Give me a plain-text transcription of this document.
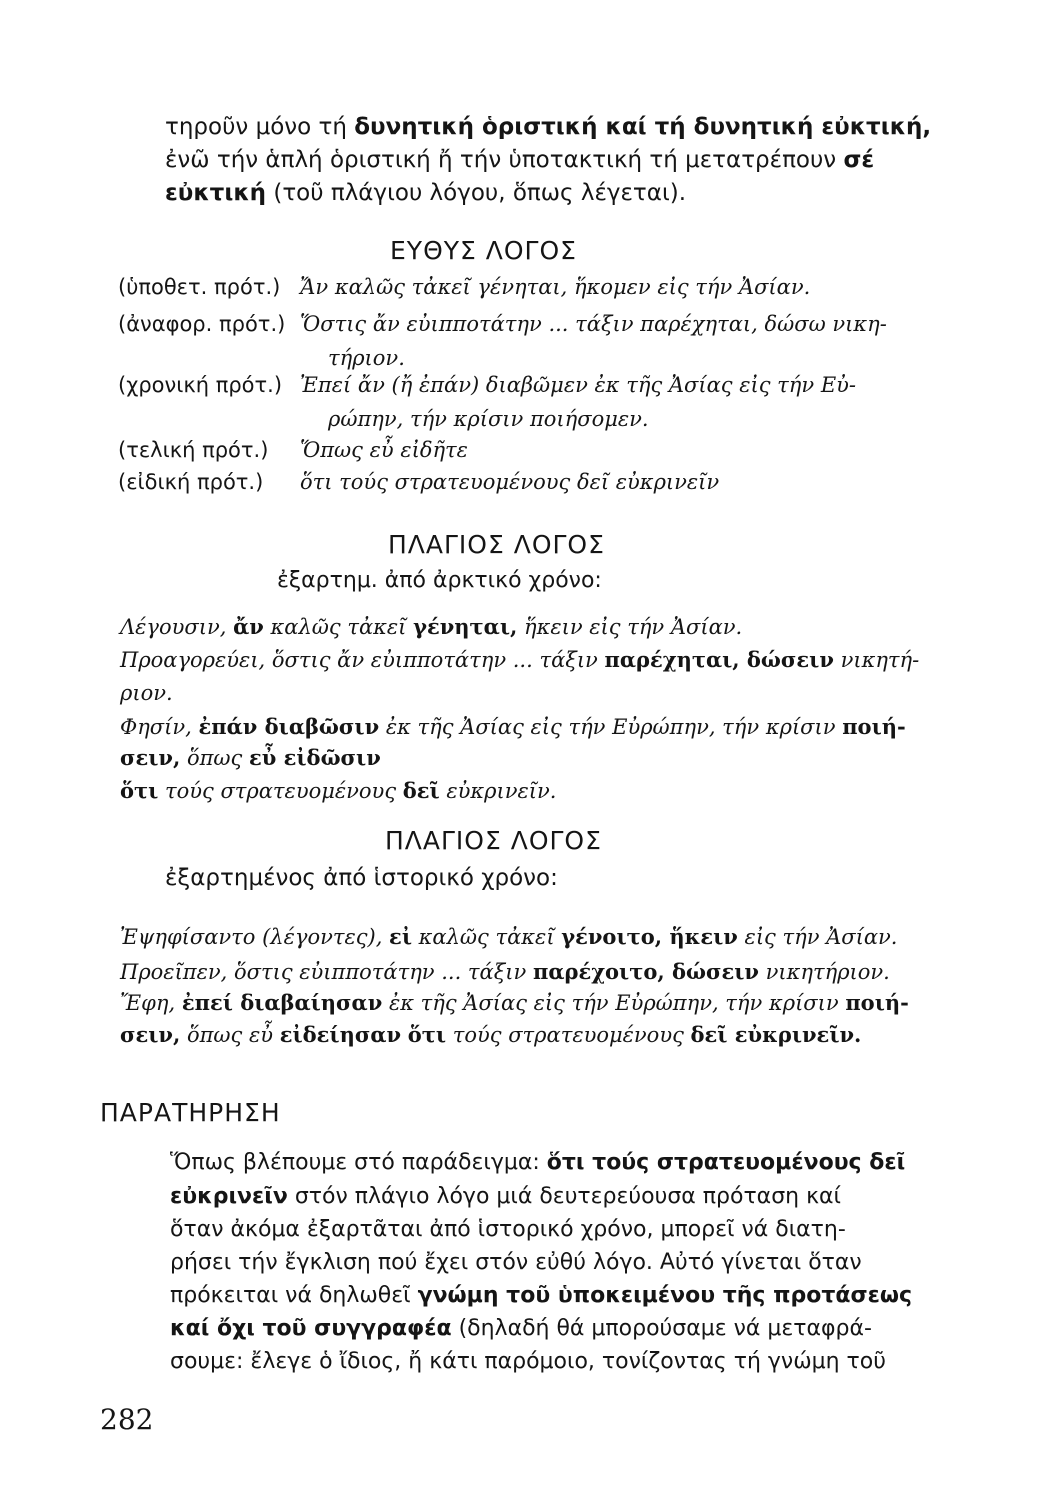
τηροῦν μόνο τή δυνητική ὁριστική καί τή δυνητική εὐκτική,
ἐνῶ τήν ἁπλή ὁριστική ἤ τήν ὑποτακτική τή μετατρέπουν σέ
εὐκτική (τοῦ πλάγιου λόγου, ὅπως λέγεται).
ΕΥΘΥΣ ΛΟΓΟΣ
(ὑποθετ. πρότ.) Ἄν καλῶς τἀκεῖ γένηται, ἥκομεν εἰς τήν Ἀσίαν.
(ἀναφορ. πρότ.) Ὅστις ἄν εὐιπποτάτην ... τάξιν παρέχηται, δώσω νικη-
τήριον.
(χρονική πρότ.) Ἐπεί ἄν (ἤ ἐπάν) διαβῶμεν ἐκ τῆς Ἀσίας εἰς τήν Εὐ-
ρώπην, τήν κρίσιν ποιήσομεν.
(τελική πρότ.) Ὅπως εὖ εἰδῆτε
(εἰδική πρότ.) ὅτι τούς στρατευομένους δεῖ εὐκρινεῖν
ΠΛΑΓΙΟΣ ΛΟΓΟΣ
ἐξαρτημ. ἀπό ἀρκτικό χρόνο:
Λέγουσιν, ἄν καλῶς τἀκεῖ γένηται, ἥκειν εἰς τήν Ἀσίαν.
Προαγορεύει, ὅστις ἄν εὐιπποτάτην ... τάξιν παρέχηται, δώσειν νικητή-
ριον.
Φησίν, ἐπάν διαβῶσιν ἐκ τῆς Ἀσίας εἰς τήν Εὐρώπην, τήν κρίσιν ποιή-
σειν, ὅπως εὖ εἰδῶσιν
ὅτι τούς στρατευομένους δεῖ εὐκρινεῖν.
ΠΛΑΓΙΟΣ ΛΟΓΟΣ
ἐξαρτημένος ἀπό ἱστορικό χρόνο:
Ἐψηφίσαντο (λέγοντες), εἰ καλῶς τἀκεῖ γένοιτο, ἥκειν εἰς τήν Ἀσίαν.
Προεῖπεν, ὅστις εὐιπποτάτην ... τάξιν παρέχοιτο, δώσειν νικητήριον.
Ἔφη, ἐπεί διαβαίησαν ἐκ τῆς Ἀσίας εἰς τήν Εὐρώπην, τήν κρίσιν ποιή-
σειν, ὅπως εὖ εἰδείησαν ὅτι τούς στρατευομένους δεῖ εὐκρινεῖν.
ΠΑΡΑΤΗΡΗΣΗ
Ὅπως βλέπουμε στό παράδειγμα: ὅτι τούς στρατευομένους δεῖ
εὐκρινεῖν στόν πλάγιο λόγο μιά δευτερεύουσα πρόταση καί
ὅταν ἀκόμα ἐξαρτᾶται ἀπό ἱστορικό χρόνο, μπορεῖ νά διατη-
ρήσει τήν ἔγκλιση πού ἔχει στόν εὐθύ λόγο. Αὐτό γίνεται ὅταν
πρόκειται νά δηλωθεῖ γνώμη τοῦ ὑποκειμένου τῆς προτάσεως
καί ὄχι τοῦ συγγραφέα (δηλαδή θά μπορούσαμε νά μεταφρά-
σουμε: ἔλεγε ὁ ἴδιος, ἤ κάτι παρόμοιο, τονίζοντας τή γνώμη τοῦ
282
